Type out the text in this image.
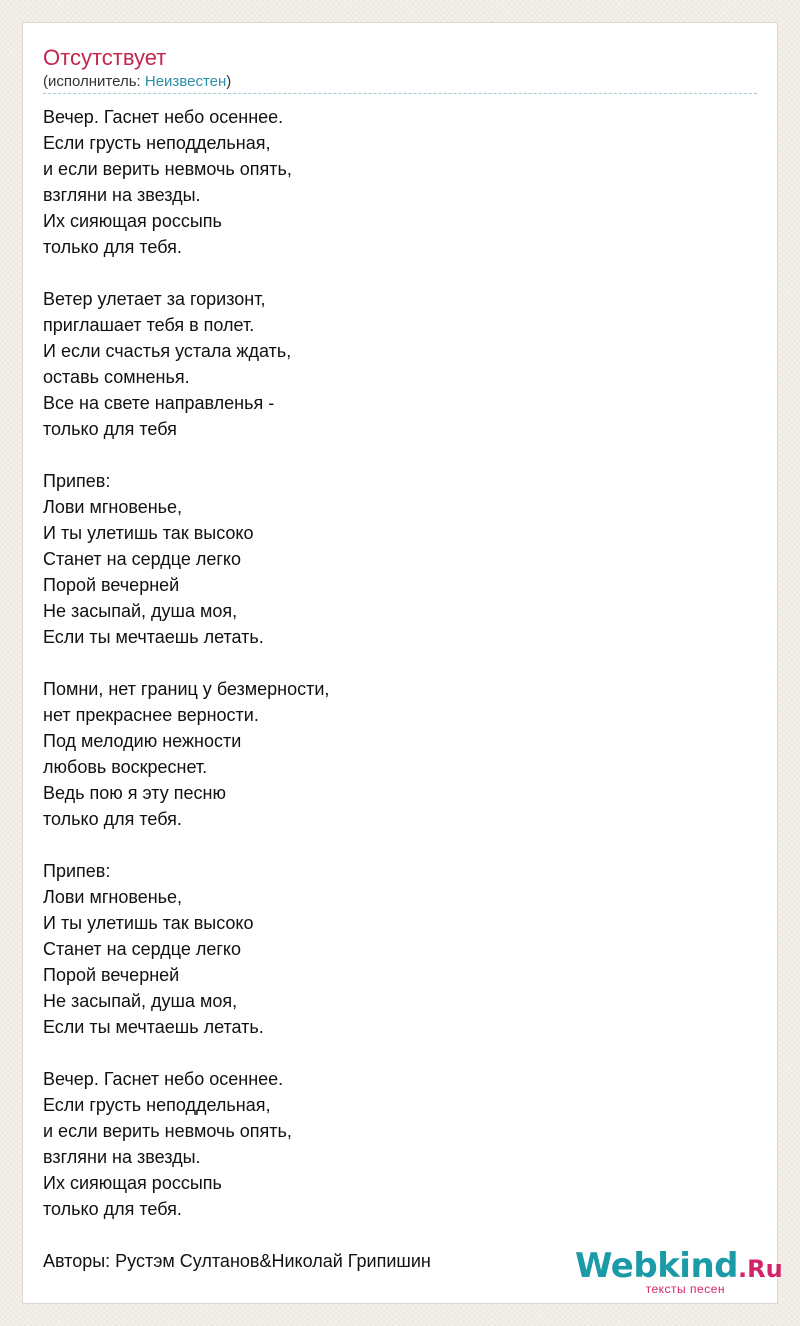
Отсутствует
(исполнитель: Неизвестен)
Вечер. Гаснет небо осеннее.
Если грусть неподдельная,
и если верить невмочь опять,
взгляни на звезды.
Их сияющая россыпь
только для тебя.
Ветер улетает за горизонт,
приглашает тебя в полет.
И если счастья устала ждать,
оставь сомненья.
Все на свете направленья -
только для тебя
Припев:
Лови мгновенье,
И ты улетишь так высоко
Станет на сердце легко
Порой вечерней
Не засыпай, душа моя,
Если ты мечтаешь летать.
Помни, нет границ у безмерности,
нет прекраснее верности.
Под мелодию нежности
любовь воскреснет.
Ведь пою я эту песню
только для тебя.
Припев:
Лови мгновенье,
И ты улетишь так высоко
Станет на сердце легко
Порой вечерней
Не засыпай, душа моя,
Если ты мечтаешь летать.
Вечер. Гаснет небо осеннее.
Если грусть неподдельная,
и если верить невмочь опять,
взгляни на звезды.
Их сияющая россыпь
только для тебя.
Авторы: Рустэм Султанов&Николай Грипишин	Webkind.Ru
тексты песен
